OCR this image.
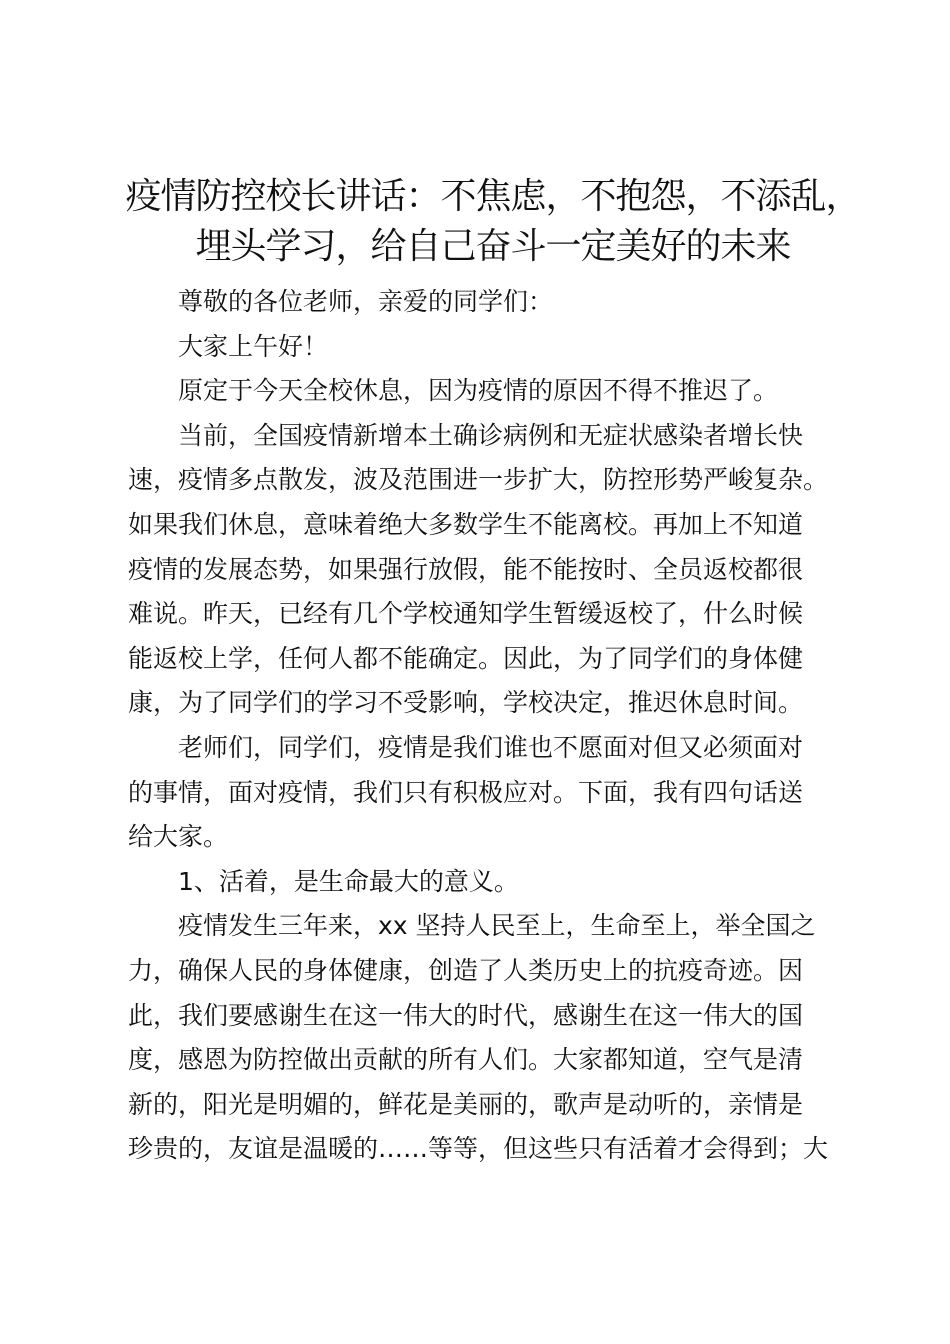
疫情防控校长讲话：不焦虑，不抱怨，不添乱，
埋头学习，给自己奋斗一定美好的未来
尊敬的各位老师，亲爱的同学们：
大家上午好！
原定于今天全校休息，因为疫情的原因不得不推迟了。
当前，全国疫情新增本土确诊病例和无症状感染者增长快
速，疫情多点散发，波及范围进一步扩大，防控形势严峻复杂。
如果我们休息，意味着绝大多数学生不能离校。再加上不知道
疫情的发展态势，如果强行放假，能不能按时、全员返校都很
难说。昨天，已经有几个学校通知学生暂缓返校了，什么时候
能返校上学，任何人都不能确定。因此，为了同学们的身体健
康，为了同学们的学习不受影响，学校决定，推迟休息时间。
老师们，同学们，疫情是我们谁也不愿面对但又必须面对
的事情，面对疫情，我们只有积极应对。下面，我有四句话送
给大家。
1、活着，是生命最大的意义。
疫情发生三年来，xx 坚持人民至上，生命至上，举全国之
力，确保人民的身体健康，创造了人类历史上的抗疫奇迹。因
此，我们要感谢生在这一伟大的时代，感谢生在这一伟大的国
度，感恩为防控做出贡献的所有人们。大家都知道，空气是清
新的，阳光是明媚的，鲜花是美丽的，歌声是动听的，亲情是
珍贵的，友谊是温暖的……等等，但这些只有活着才会得到；大
